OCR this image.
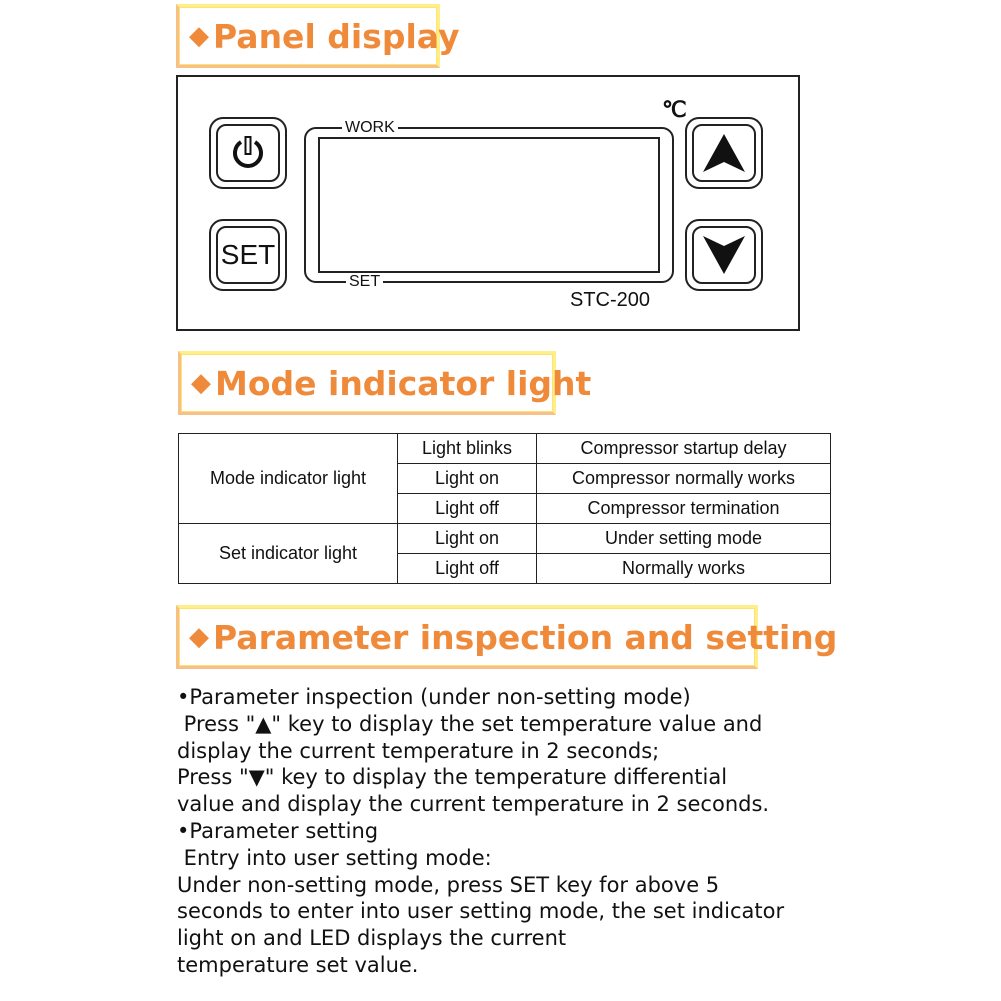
◆ Panel display
SET
WORK
SET
℃
STC-200
◆ Mode indicator light
Mode indicator light	Light blinks	Compressor startup delay
	Light on	Compressor normally works
	Light off	Compressor termination
Set indicator light	Light on	Under setting mode
	Light off	Normally works
◆ Parameter inspection and setting
•Parameter inspection (under non-setting mode)
Press "▲" key to display the set temperature value and
display the current temperature in 2 seconds;
Press "▼" key to display the temperature differential
value and display the current temperature in 2 seconds.
•Parameter setting
Entry into user setting mode:
Under non-setting mode, press SET key for above 5
seconds to enter into user setting mode, the set indicator
light on and LED displays the current
temperature set value.
